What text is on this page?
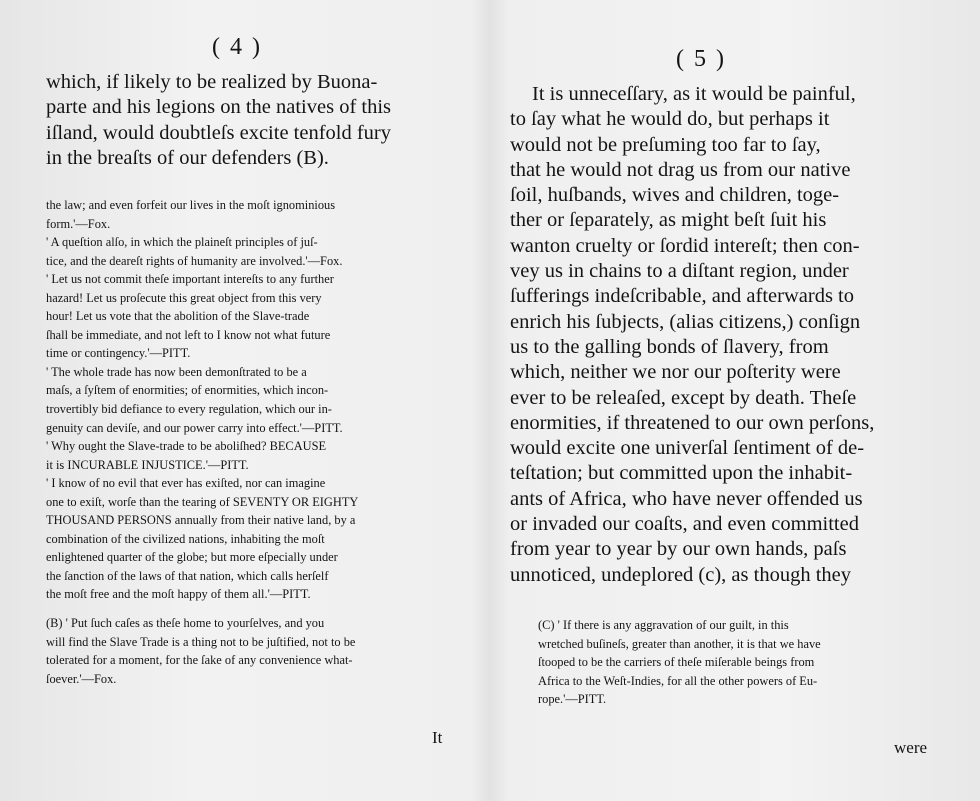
( 4 )
which, if likely to be realized by Buona-
parte and his legions on the natives of this
iſland, would doubtleſs excite tenfold fury
in the breaſts of our defenders (B).
the law; and even forfeit our lives in the moſt ignominious
form.'—Fox.
' A queſtion alſo, in which the plaineſt principles of juſ-
tice, and the deareſt rights of humanity are involved.'—Fox.
' Let us not commit theſe important intereſts to any further
hazard! Let us proſecute this great object from this very
hour! Let us vote that the abolition of the Slave-trade
ſhall be immediate, and not left to I know not what future
time or contingency.'—PITT.
' The whole trade has now been demonſtrated to be a
maſs, a ſyſtem of enormities; of enormities, which incon-
trovertibly bid defiance to every regulation, which our in-
genuity can deviſe, and our power carry into effect.'—PITT.
' Why ought the Slave-trade to be aboliſhed? BECAUSE
it is INCURABLE INJUSTICE.'—PITT.
' I know of no evil that ever has exiſted, nor can imagine
one to exiſt, worſe than the tearing of SEVENTY OR EIGHTY
THOUSAND PERSONS annually from their native land, by a
combination of the civilized nations, inhabiting the moſt
enlightened quarter of the globe; but more eſpecially under
the ſanction of the laws of that nation, which calls herſelf
the moſt free and the moſt happy of them all.'—PITT.
(B) ' Put ſuch caſes as theſe home to yourſelves, and you
will find the Slave Trade is a thing not to be juſtified, not to be
tolerated for a moment, for the ſake of any convenience what-
ſoever.'—Fox.
It
( 5 )
It is unneceſſary, as it would be painful,
to ſay what he would do, but perhaps it
would not be preſuming too far to ſay,
that he would not drag us from our native
ſoil, huſbands, wives and children, toge-
ther or ſeparately, as might beſt ſuit his
wanton cruelty or ſordid intereſt; then con-
vey us in chains to a diſtant region, under
ſufferings indeſcribable, and afterwards to
enrich his ſubjects, (alias citizens,) conſign
us to the galling bonds of ſlavery, from
which, neither we nor our poſterity were
ever to be releaſed, except by death. Theſe
enormities, if threatened to our own perſons,
would excite one univerſal ſentiment of de-
teſtation; but committed upon the inhabit-
ants of Africa, who have never offended us
or invaded our coaſts, and even committed
from year to year by our own hands, paſs
unnoticed, undeplored (c), as though they
(C) ' If there is any aggravation of our guilt, in this
wretched buſineſs, greater than another, it is that we have
ſtooped to be the carriers of theſe miſerable beings from
Africa to the Weſt-Indies, for all the other powers of Eu-
rope.'—PITT.
were
